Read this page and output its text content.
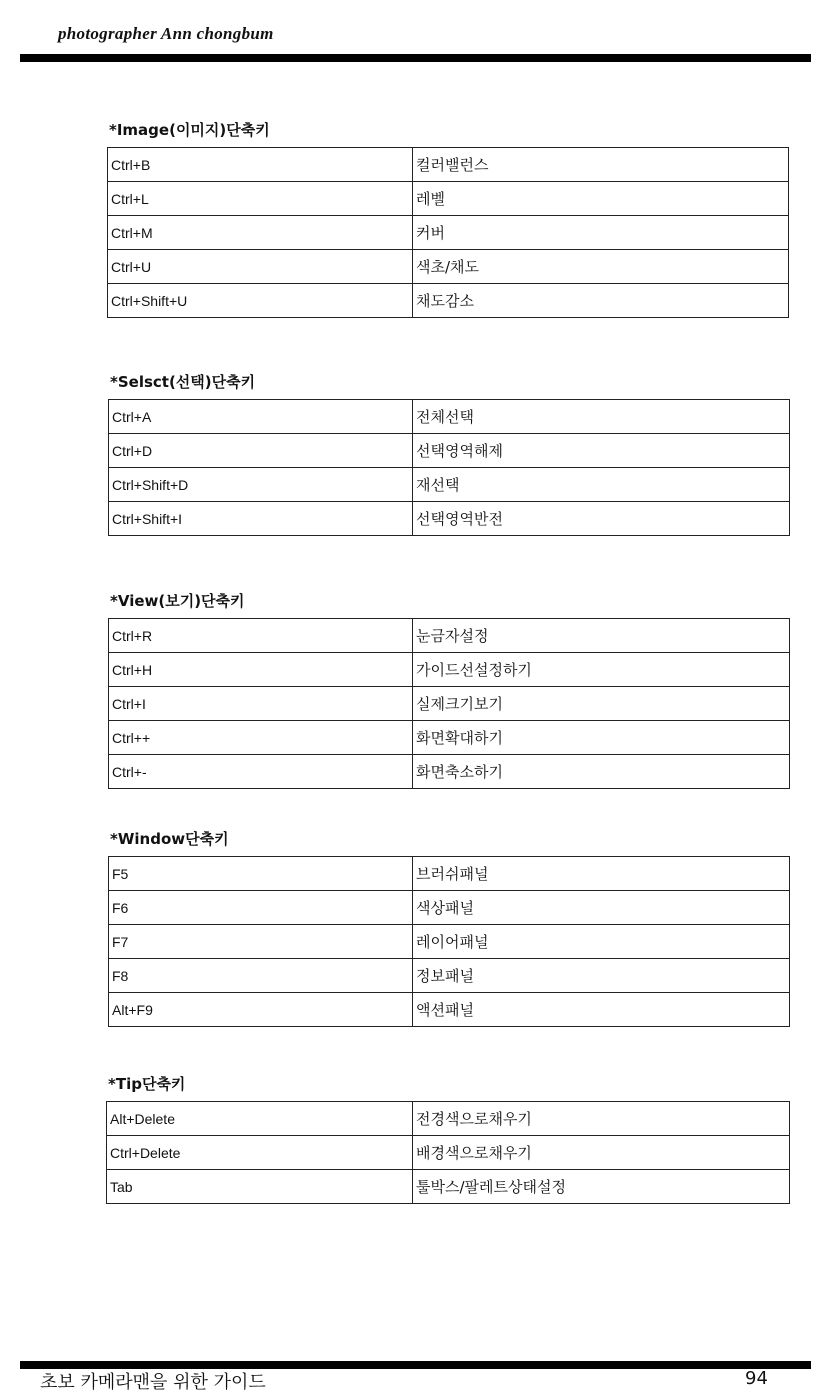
photographer Ann chongbum
*Image(이미지)단축키
Ctrl+B	컬러밸런스
Ctrl+L	레벨
Ctrl+M	커버
Ctrl+U	색초/채도
Ctrl+Shift+U	채도감소
*Selsct(선택)단축키
Ctrl+A	전체선택
Ctrl+D	선택영역해제
Ctrl+Shift+D	재선택
Ctrl+Shift+I	선택영역반전
*View(보기)단축키
Ctrl+R	눈금자설정
Ctrl+H	가이드선설정하기
Ctrl+I	실제크기보기
Ctrl++	화면확대하기
Ctrl+-	화면축소하기
*Window단축키
F5	브러쉬패널
F6	색상패널
F7	레이어패널
F8	정보패널
Alt+F9	액션패널
*Tip단축키
Alt+Delete	전경색으로채우기
Ctrl+Delete	배경색으로채우기
Tab	툴박스/팔레트상태설정
초보 카메라맨을 위한 가이드	94
